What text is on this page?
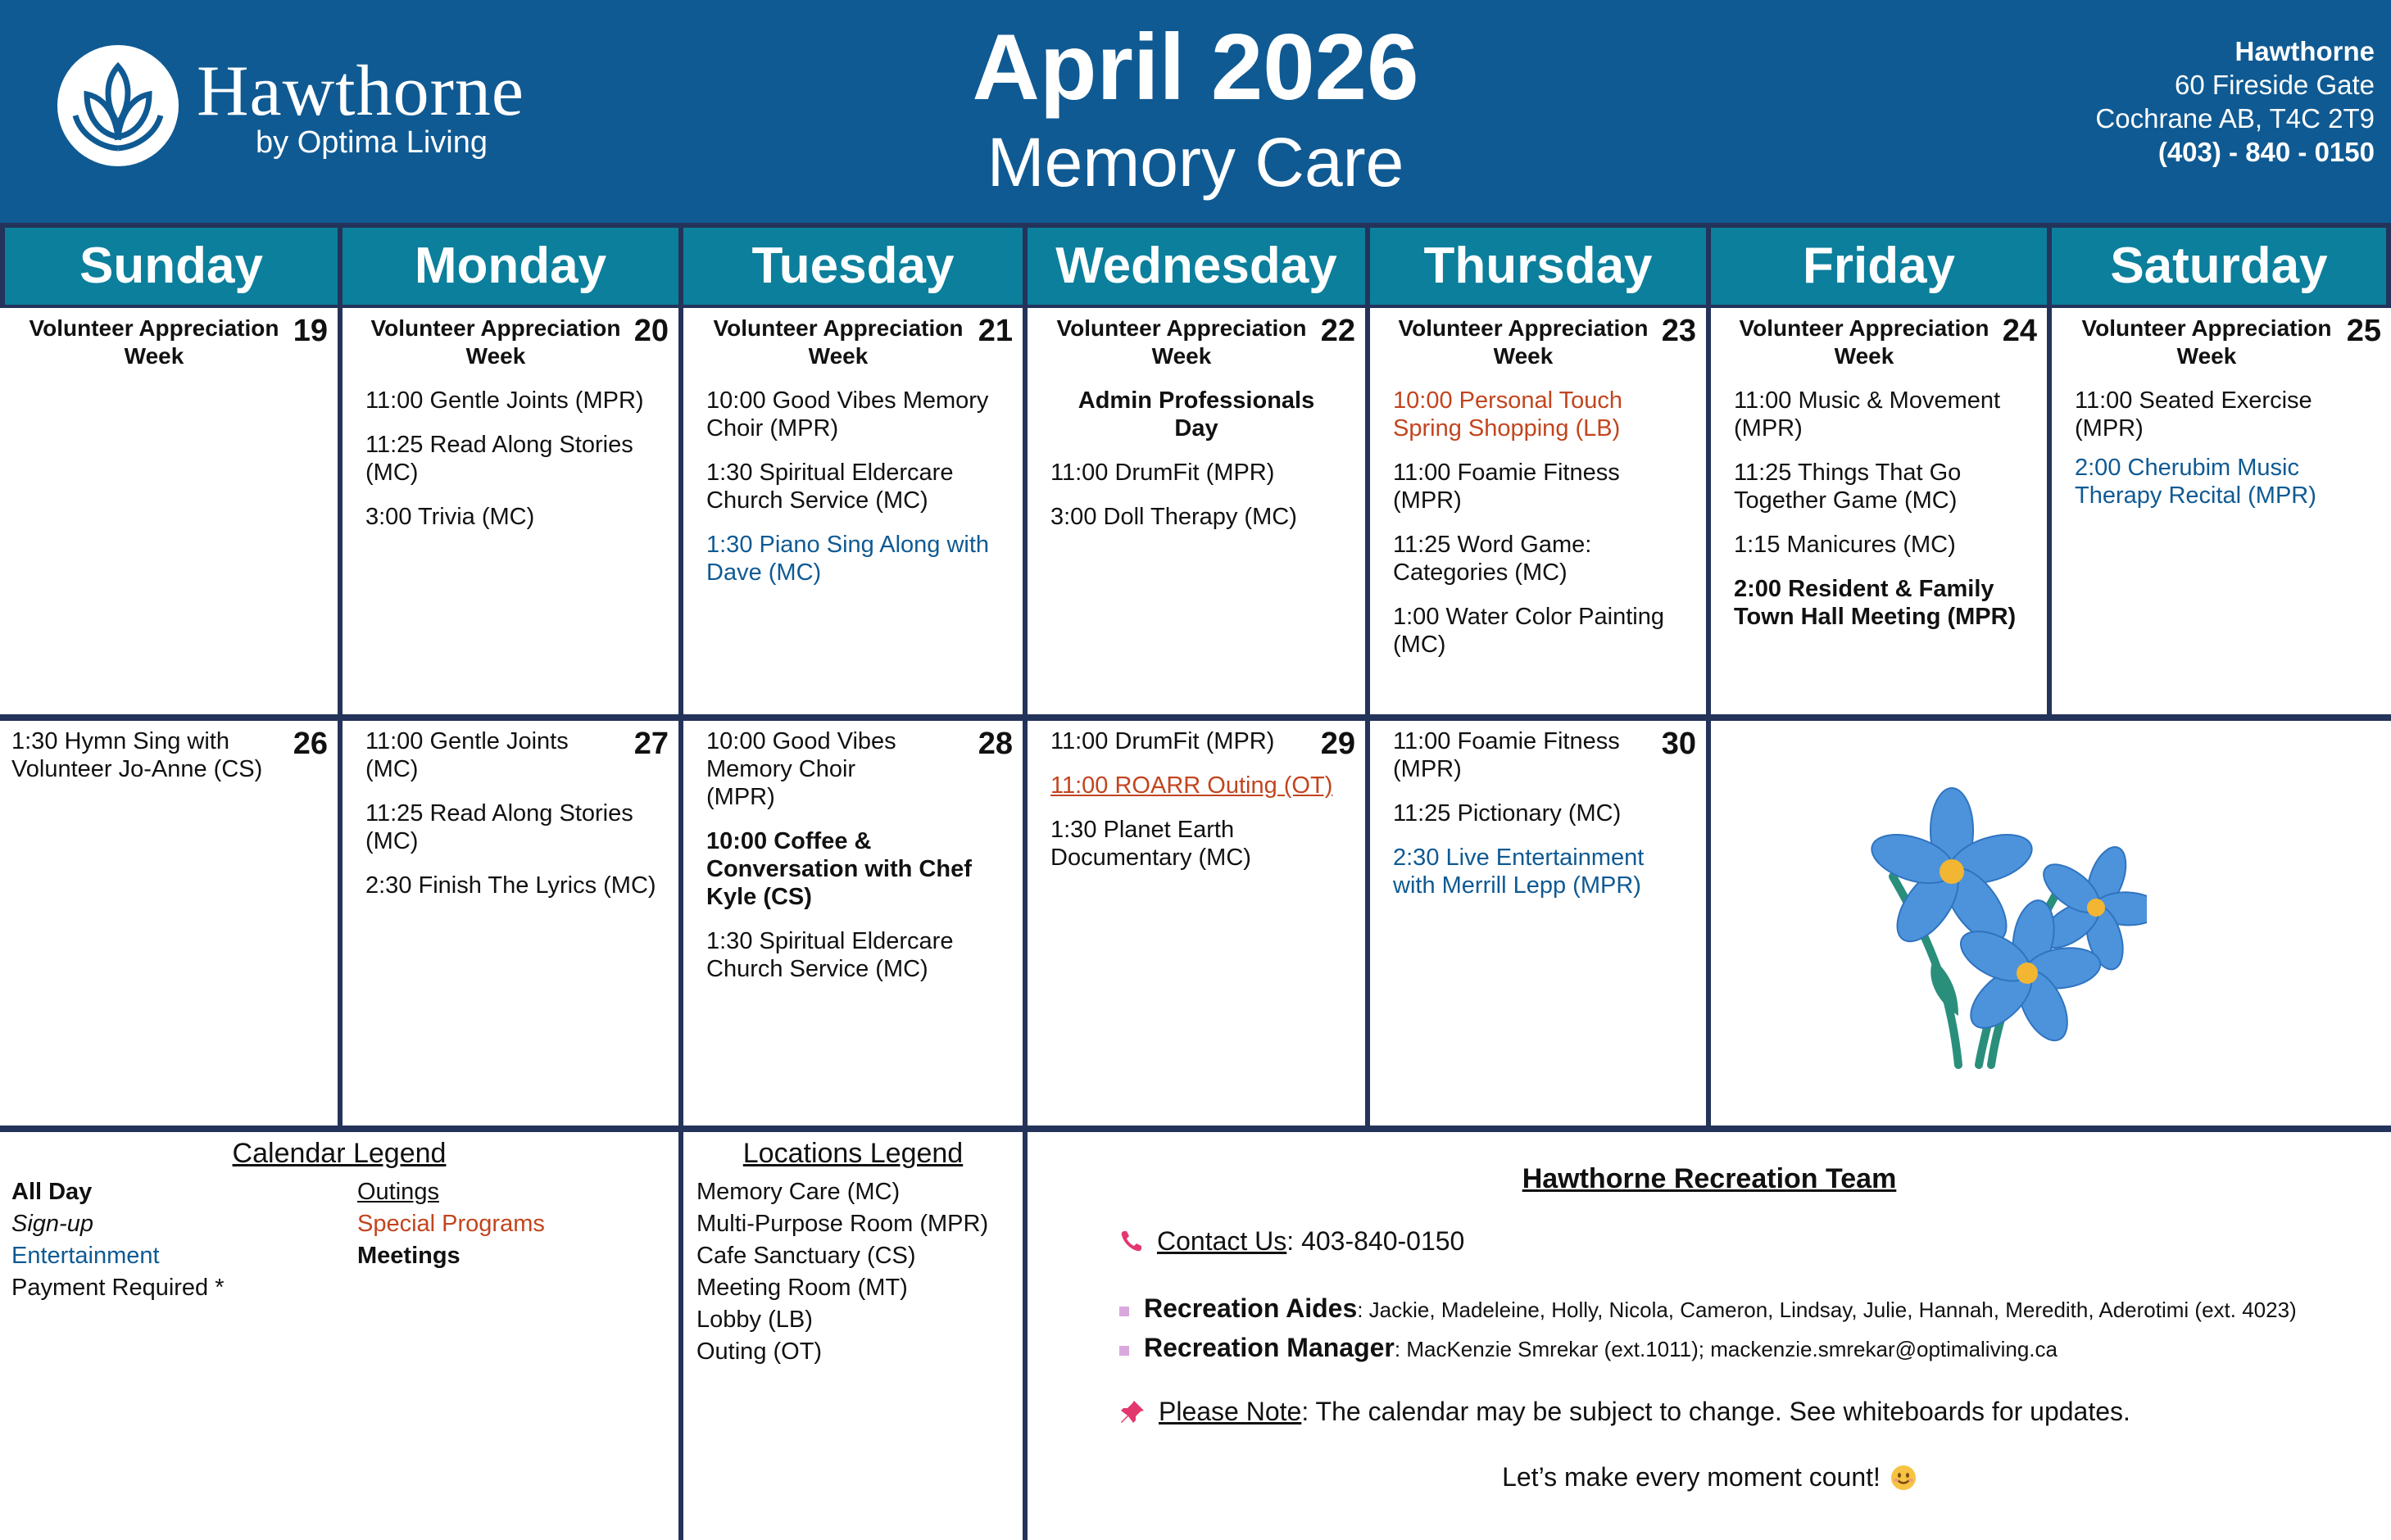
Hawthorne
by Optima Living
April 2026
Memory Care
Hawthorne
60 Fireside Gate
Cochrane AB, T4C 2T9
(403) - 840 - 0150
Sunday	Monday	Tuesday	Wednesday	Thursday	Friday	Saturday
19
Volunteer Appreciation Week
20
Volunteer Appreciation Week
11:00 Gentle Joints (MPR)
11:25 Read Along Stories (MC)
3:00 Trivia (MC)
21
Volunteer Appreciation Week
10:00 Good Vibes Memory Choir (MPR)
1:30 Spiritual Eldercare Church Service (MC)
1:30 Piano Sing Along with Dave (MC)
22
Volunteer Appreciation Week
Admin Professionals Day
11:00 DrumFit (MPR)
3:00 Doll Therapy (MC)
23
Volunteer Appreciation Week
10:00 Personal Touch Spring Shopping (LB)
11:00 Foamie Fitness (MPR)
11:25 Word Game: Categories (MC)
1:00 Water Color Painting (MC)
24
Volunteer Appreciation Week
11:00 Music & Movement (MPR)
11:25 Things That Go Together Game (MC)
1:15 Manicures (MC)
2:00 Resident & Family Town Hall Meeting (MPR)
25
Volunteer Appreciation Week
11:00 Seated Exercise (MPR)
2:00 Cherubim Music Therapy Recital (MPR)
26
1:30 Hymn Sing with Volunteer Jo-Anne (CS)
27
11:00 Gentle Joints (MC)
11:25 Read Along Stories (MC)
2:30 Finish The Lyrics (MC)
28
10:00 Good Vibes Memory Choir (MPR)
10:00 Coffee & Conversation with Chef Kyle (CS)
1:30 Spiritual Eldercare Church Service (MC)
29
11:00 DrumFit (MPR)
11:00 ROARR Outing (OT)
1:30 Planet Earth Documentary (MC)
30
11:00 Foamie Fitness (MPR)
11:25 Pictionary (MC)
2:30 Live Entertainment with Merrill Lepp (MPR)
Calendar Legend
All Day
Sign-up
Entertainment
Payment Required *
Outings
Special Programs
Meetings
Locations Legend
Memory Care (MC)
Multi-Purpose Room (MPR)
Cafe Sanctuary (CS)
Meeting Room (MT)
Lobby (LB)
Outing (OT)
Hawthorne Recreation Team
Contact Us: 403-840-0150
Recreation Aides: Jackie, Madeleine, Holly, Nicola, Cameron, Lindsay, Julie, Hannah, Meredith, Aderotimi (ext. 4023)
Recreation Manager: MacKenzie Smrekar (ext.1011); mackenzie.smrekar@optimaliving.ca
Please Note: The calendar may be subject to change. See whiteboards for updates.
Let’s make every moment count!
